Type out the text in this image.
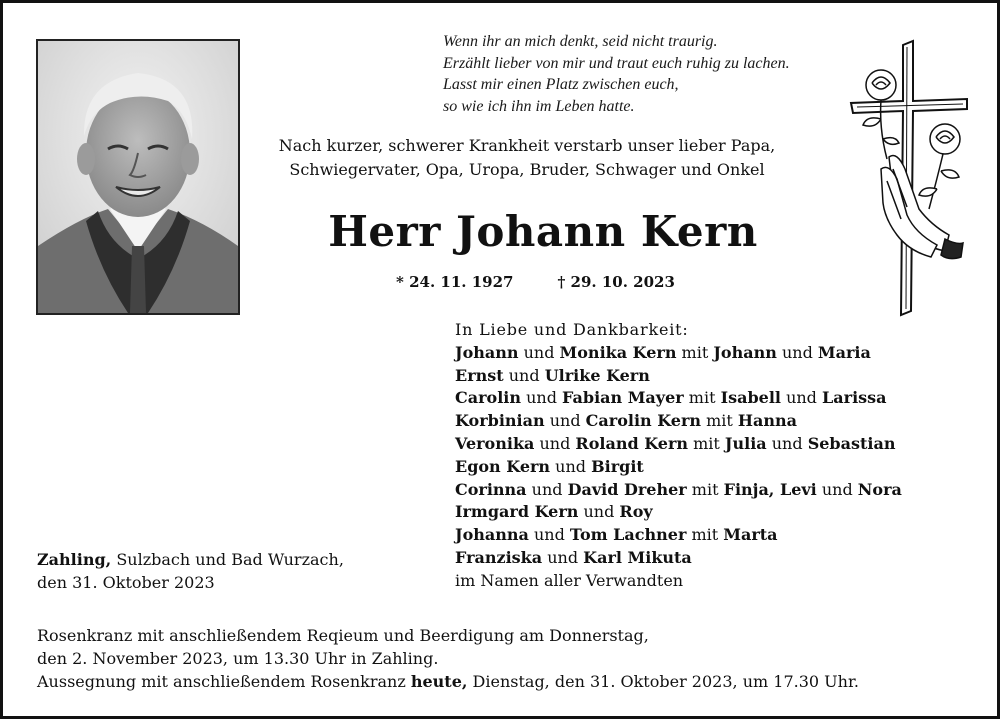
Wenn ihr an mich denkt, seid nicht traurig.
Erzählt lieber von mir und traut euch ruhig zu lachen.
Lasst mir einen Platz zwischen euch,
so wie ich ihn im Leben hatte.
Nach kurzer, schwerer Krankheit verstarb unser lieber Papa,
Schwiegervater, Opa, Uropa, Bruder, Schwager und Onkel
Herr Johann Kern
* 24. 11. 1927	† 29. 10. 2023
In Liebe und Dankbarkeit:
Johann und Monika Kern mit Johann und Maria
Ernst und Ulrike Kern
Carolin und Fabian Mayer mit Isabell und Larissa
Korbinian und Carolin Kern mit Hanna
Veronika und Roland Kern mit Julia und Sebastian
Egon Kern und Birgit
Corinna und David Dreher mit Finja, Levi und Nora
Irmgard Kern und Roy
Johanna und Tom Lachner mit Marta
Franziska und Karl Mikuta
im Namen aller Verwandten
Zahling, Sulzbach und Bad Wurzach,
den 31. Oktober 2023
Rosenkranz mit anschließendem Reqieum und Beerdigung am Donnerstag,
den 2. November 2023, um 13.30 Uhr in Zahling.
Aussegnung mit anschließendem Rosenkranz heute, Dienstag, den 31. Oktober 2023, um 17.30 Uhr.
